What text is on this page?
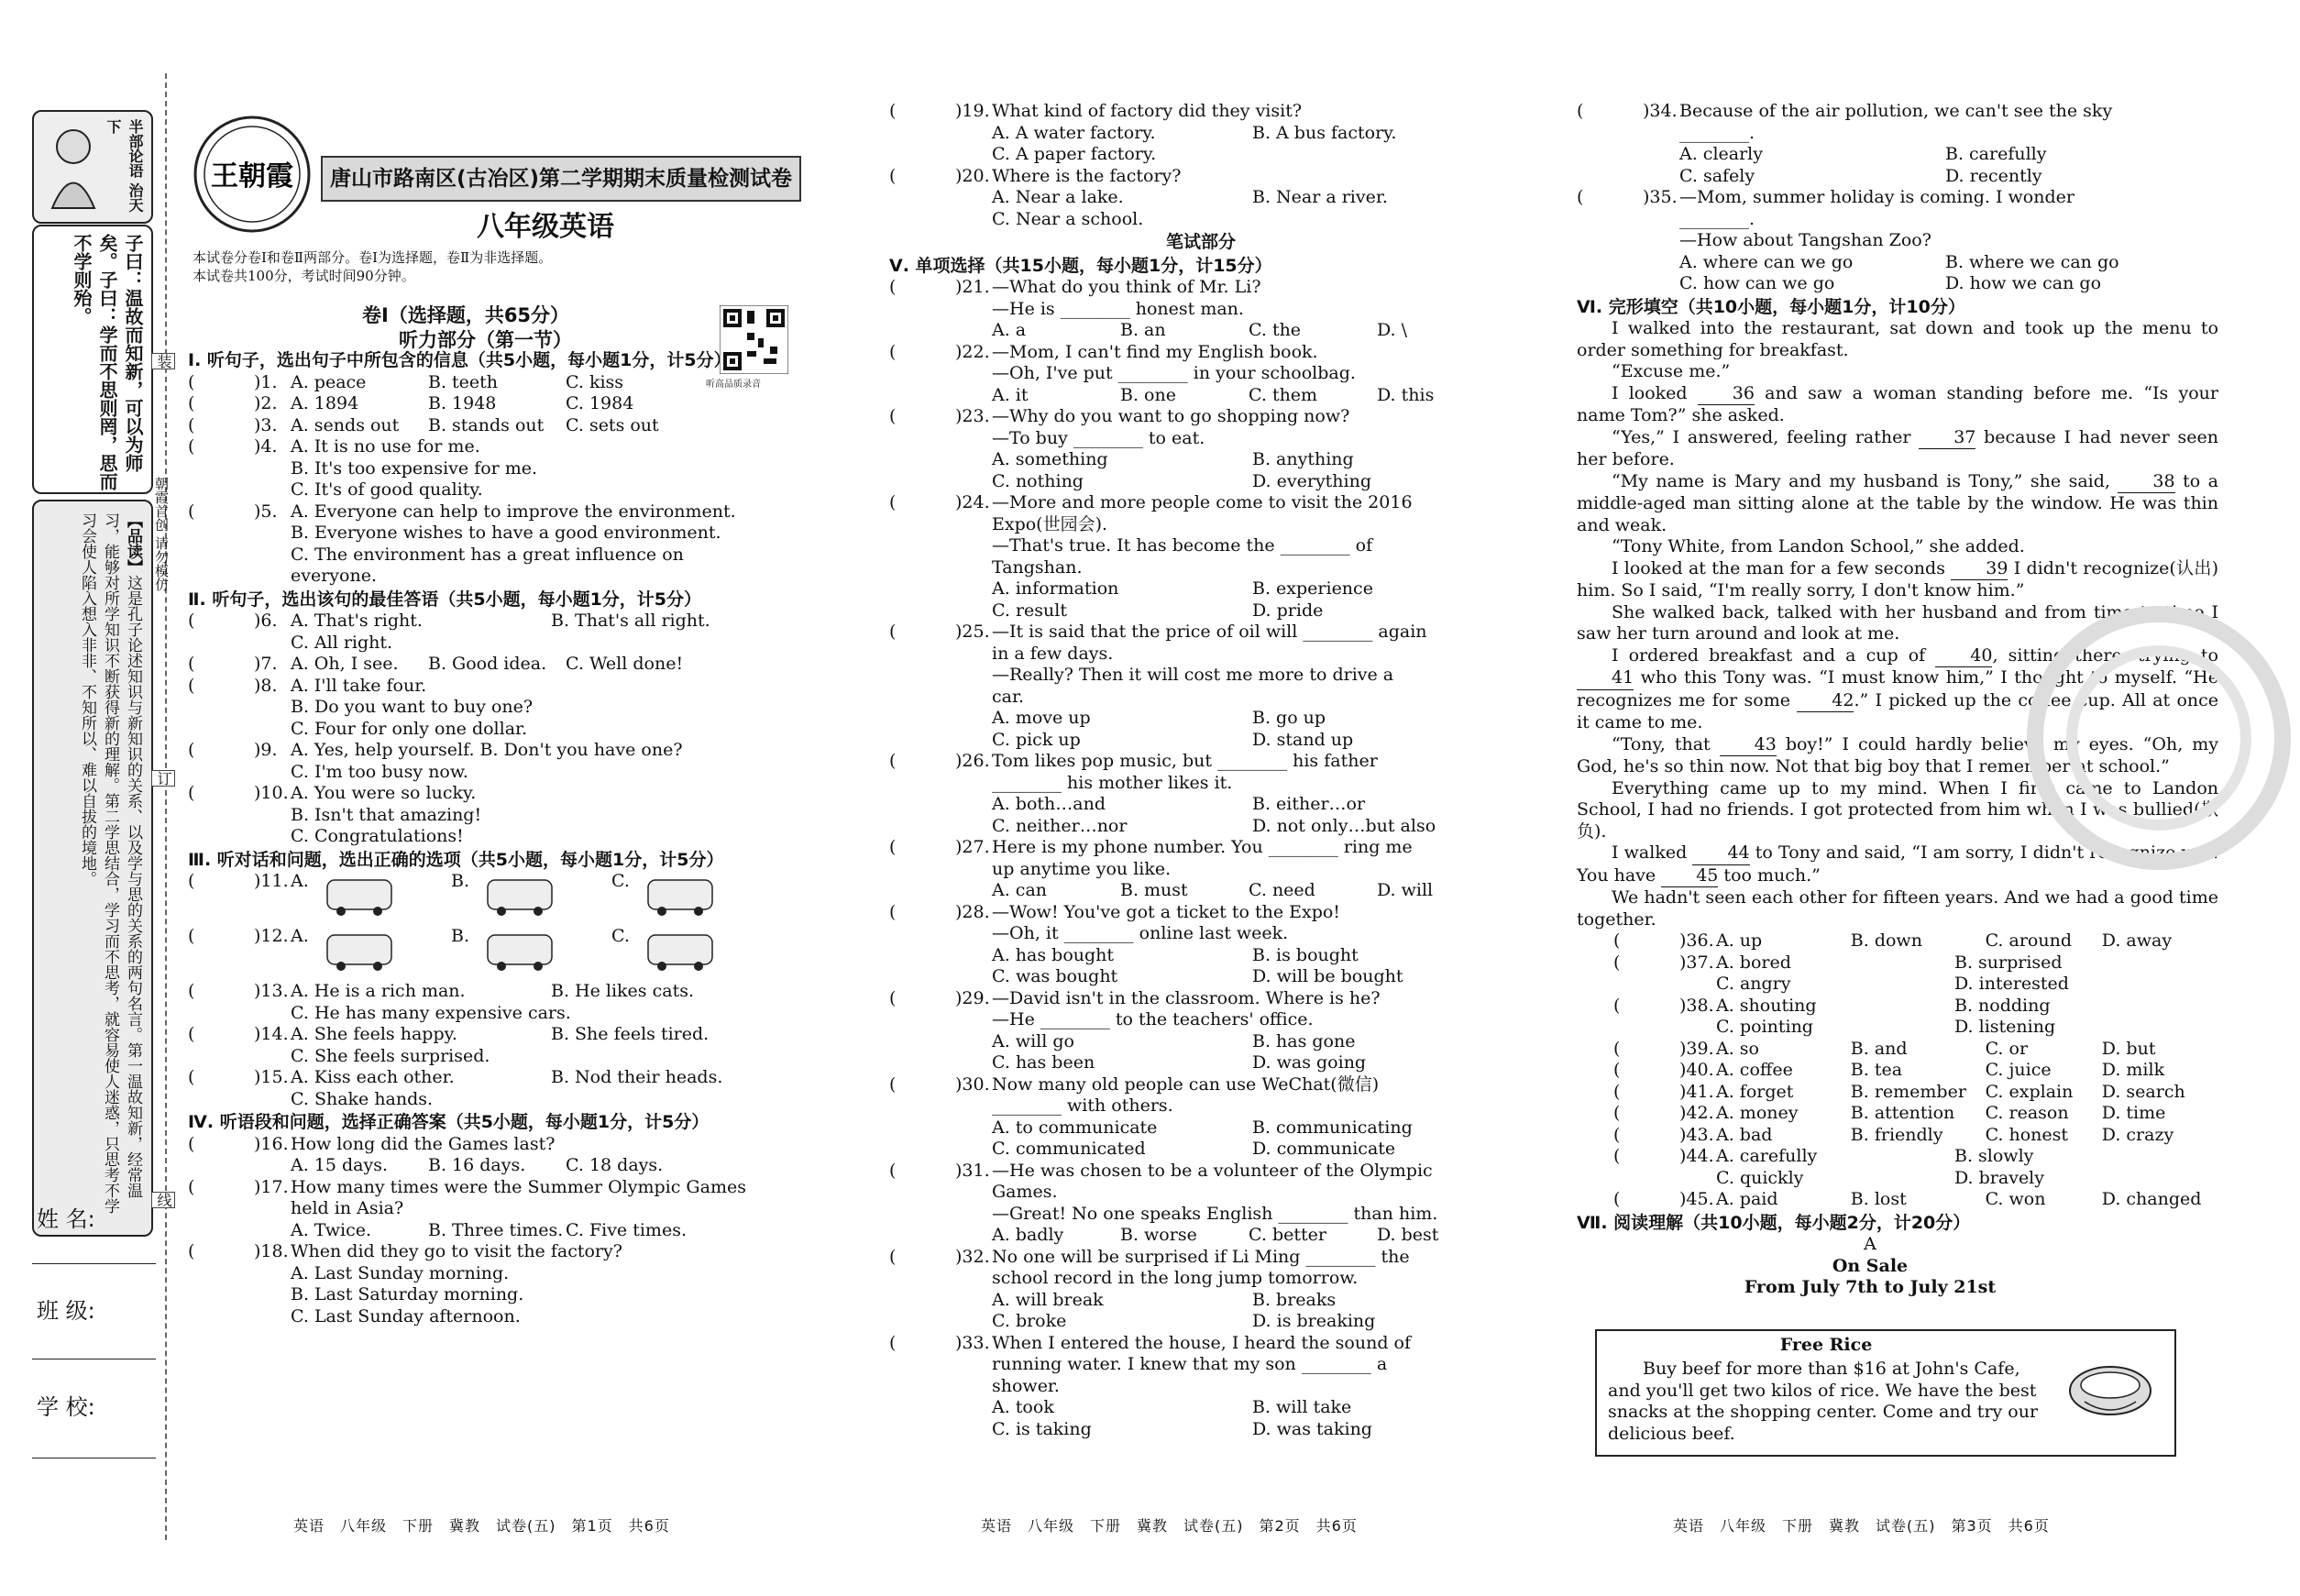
半部论语 治天下
子曰：温故而知新，可以为师矣。子曰：学而不思则罔，思而不学则殆。
【品读】这是孔子论述知识与新知识的关系、以及学与思的关系的两句名言。第一温故知新，经常温习，能够对所学知识不断获得新的理解。第二学思结合，学习而不思考，就容易使人迷惑，只思考不学习会使人陷入想入非非、不知所以、难以自拔的境地。
姓 名:
班 级:
学 校:
装
订
线
朝霞首创 请勿模仿
王朝霞	唐山市路南区(古冶区)第二学期期末质量检测试卷
八年级英语
本试卷分卷Ⅰ和卷Ⅱ两部分。卷Ⅰ为选择题，卷Ⅱ为非选择题。
本试卷共100分，考试时间90分钟。
卷Ⅰ（选择题，共65分）
听力部分（第一节）
听高品质录音
Ⅰ. 听句子，选出句子中所包含的信息（共5小题，每小题1分，计5分）
(	)1. A. peace	B. teeth	C. kiss
(	)2. A. 1894	B. 1948	C. 1984
(	)3. A. sends out	B. stands out	C. sets out
(	)4. A. It is no use for me.
B. It's too expensive for me.
C. It's of good quality.
(	)5. A. Everyone can help to improve the environment.
B. Everyone wishes to have a good environment.
C. The environment has a great influence on
everyone.
Ⅱ. 听句子，选出该句的最佳答语（共5小题，每小题1分，计5分）
(	)6. A. That's right.	B. That's all right.
C. All right.
(	)7. A. Oh, I see.	B. Good idea.	C. Well done!
(	)8. A. I'll take four.
B. Do you want to buy one?
C. Four for only one dollar.
(	)9. A. Yes, help yourself. B. Don't you have one?
C. I'm too busy now.
(	)10. A. You were so lucky.
B. Isn't that amazing!
C. Congratulations!
Ⅲ. 听对话和问题，选出正确的选项（共5小题，每小题1分，计5分）
(	)11. A.	B.	C.
(	)12. A.	B.	C.
(	)13. A. He is a rich man.	B. He likes cats.
C. He has many expensive cars.
(	)14. A. She feels happy.	B. She feels tired.
C. She feels surprised.
(	)15. A. Kiss each other.	B. Nod their heads.
C. Shake hands.
Ⅳ. 听语段和问题，选择正确答案（共5小题，每小题1分，计5分）
(	)16. How long did the Games last?
A. 15 days.	B. 16 days.	C. 18 days.
(	)17. How many times were the Summer Olympic Games
held in Asia?
A. Twice.	B. Three times. C. Five times.
(	)18. When did they go to visit the factory?
A. Last Sunday morning.
B. Last Saturday morning.
C. Last Sunday afternoon.
(	)19. What kind of factory did they visit?
A. A water factory.	B. A bus factory.
C. A paper factory.
(	)20. Where is the factory?
A. Near a lake.	B. Near a river.
C. Near a school.
笔试部分
Ⅴ. 单项选择（共15小题，每小题1分，计15分）
(	)21. —What do you think of Mr. Li?
—He is ________ honest man.
A. a	B. an	C. the	D. \
(	)22. —Mom, I can't find my English book.
—Oh, I've put ________ in your schoolbag.
A. it	B. one	C. them	D. this
(	)23. —Why do you want to go shopping now?
—To buy ________ to eat.
A. something	B. anything
C. nothing	D. everything
(	)24. —More and more people come to visit the 2016
Expo(世园会).
—That's true. It has become the ________ of
Tangshan.
A. information	B. experience
C. result	D. pride
(	)25. —It is said that the price of oil will ________ again
in a few days.
—Really? Then it will cost me more to drive a
car.
A. move up	B. go up
C. pick up	D. stand up
(	)26. Tom likes pop music, but ________ his father
________ his mother likes it.
A. both…and	B. either…or
C. neither…nor	D. not only…but also
(	)27. Here is my phone number. You ________ ring me
up anytime you like.
A. can	B. must	C. need	D. will
(	)28. —Wow! You've got a ticket to the Expo!
—Oh, it ________ online last week.
A. has bought	B. is bought
C. was bought	D. will be bought
(	)29. —David isn't in the classroom. Where is he?
—He ________ to the teachers' office.
A. will go	B. has gone
C. has been	D. was going
(	)30. Now many old people can use WeChat(微信)
________ with others.
A. to communicate	B. communicating
C. communicated	D. communicate
(	)31. —He was chosen to be a volunteer of the Olympic
Games.
—Great! No one speaks English ________ than him.
A. badly	B. worse	C. better	D. best
(	)32. No one will be surprised if Li Ming ________ the
school record in the long jump tomorrow.
A. will break	B. breaks
C. broke	D. is breaking
(	)33. When I entered the house, I heard the sound of
running water. I knew that my son ________ a
shower.
A. took	B. will take
C. is taking	D. was taking
(	)34. Because of the air pollution, we can't see the sky
________.
A. clearly	B. carefully
C. safely	D. recently
(	)35. —Mom, summer holiday is coming. I wonder
________.
—How about Tangshan Zoo?
A. where can we go	B. where we can go
C. how can we go	D. how we can go
Ⅵ. 完形填空（共10小题，每小题1分，计10分）
I walked into the restaurant, sat down and took up the menu to order something for breakfast.
“Excuse me.”
I looked 36 and saw a woman standing before me. “Is your name Tom?” she asked.
“Yes,” I answered, feeling rather 37 because I had never seen her before.
“My name is Mary and my husband is Tony,” she said, 38 to a middle-aged man sitting alone at the table by the window. He was thin and weak.
“Tony White, from Landon School,” she added.
I looked at the man for a few seconds 39 I didn't recognize(认出) him. So I said, “I'm really sorry, I don't know him.”
She walked back, talked with her husband and from time to time I saw her turn around and look at me.
I ordered breakfast and a cup of 40, sitting there, trying to 41 who this Tony was. “I must know him,” I thought to myself. “He recognizes me for some 42.” I picked up the coffee cup. All at once it came to me.
“Tony, that 43 boy!” I could hardly believe my eyes. “Oh, my God, he's so thin now. Not that big boy that I remember at school.”
Everything came up to my mind. When I first came to Landon School, I had no friends. I got protected from him when I was bullied(欺负).
I walked 44 to Tony and said, “I am sorry, I didn't recognize you. You have 45 too much.”
We hadn't seen each other for fifteen years. And we had a good time together.
(	)36. A. up	B. down	C. around	D. away
(	)37. A. bored	B. surprised
C. angry	D. interested
(	)38. A. shouting	B. nodding
C. pointing	D. listening
(	)39. A. so	B. and	C. or	D. but
(	)40. A. coffee	B. tea	C. juice	D. milk
(	)41. A. forget	B. remember	C. explain	D. search
(	)42. A. money	B. attention	C. reason	D. time
(	)43. A. bad	B. friendly	C. honest	D. crazy
(	)44. A. carefully	B. slowly
C. quickly	D. bravely
(	)45. A. paid	B. lost	C. won	D. changed
Ⅶ. 阅读理解（共10小题，每小题2分，计20分）
A
On Sale
From July 7th to July 21st
Free Rice
Buy beef for more than $16 at John's Cafe, and you'll get two kilos of rice. We have the best snacks at the shopping center. Come and try our delicious beef.
英语　八年级　下册　冀教　试卷(五)　第1页　共6页	英语　八年级　下册　冀教　试卷(五)　第2页　共6页	英语　八年级　下册　冀教　试卷(五)　第3页　共6页
